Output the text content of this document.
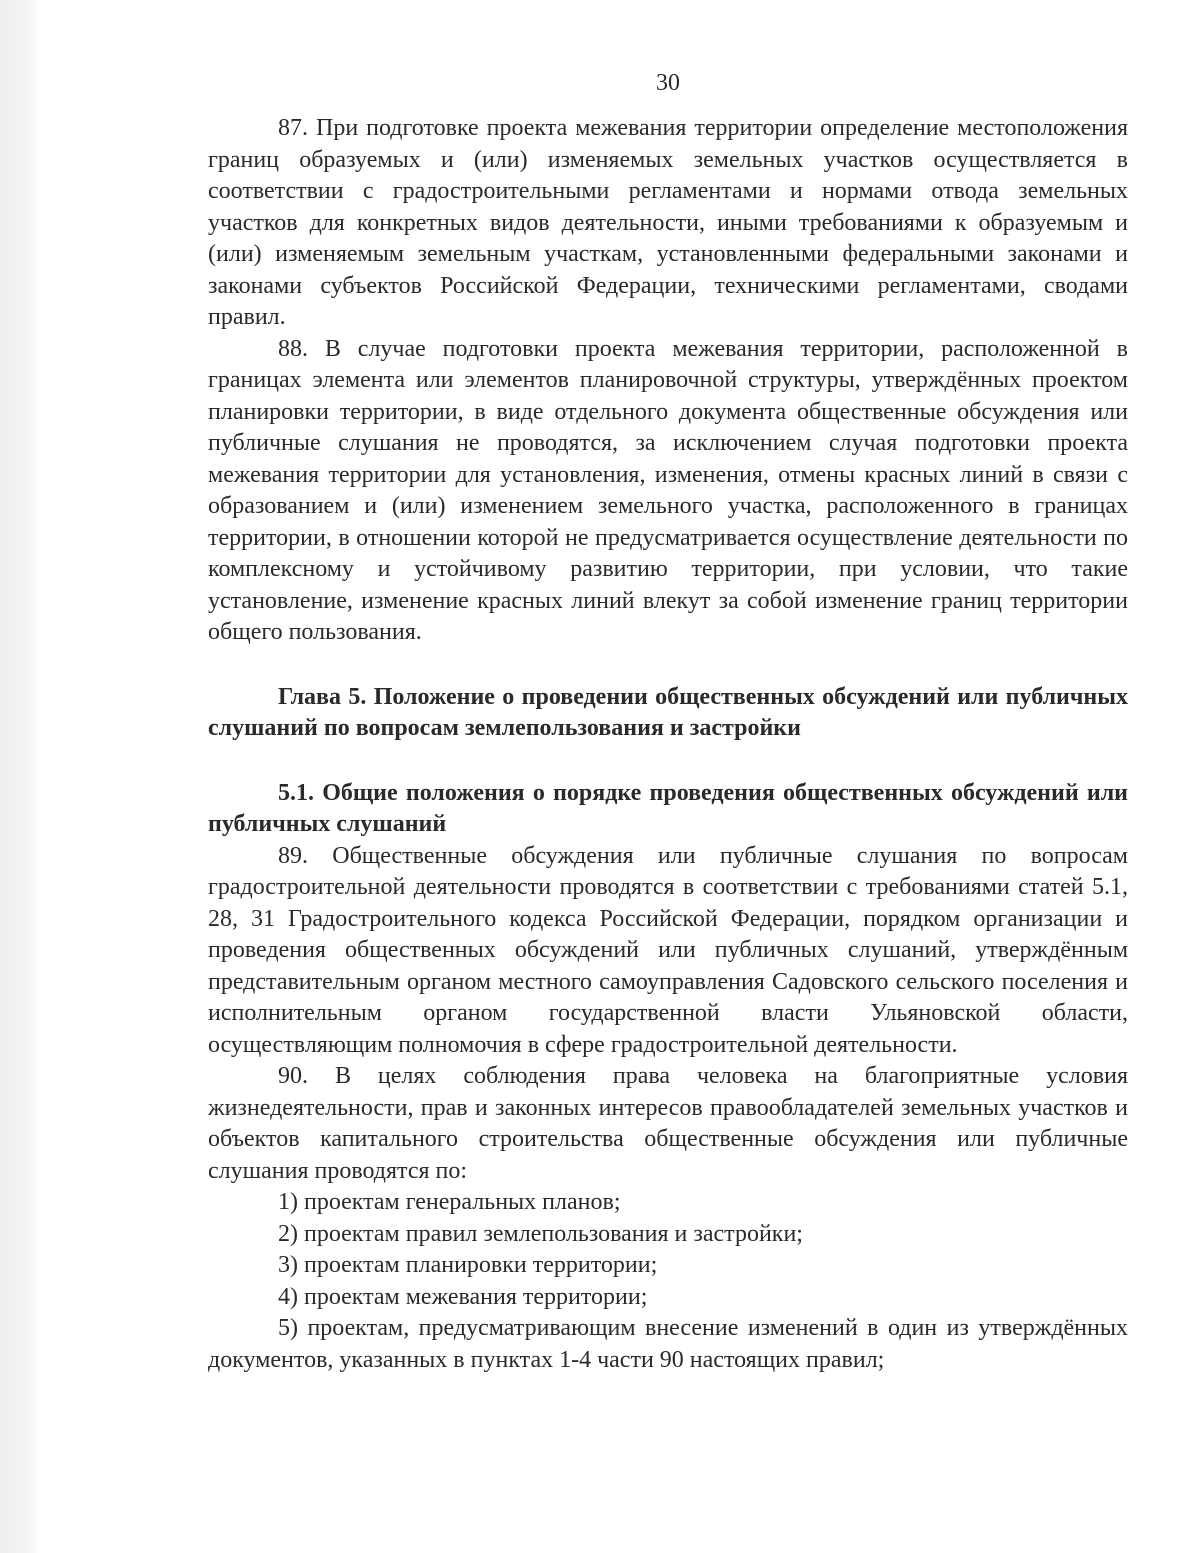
30

87. При подготовке проекта межевания территории определение местоположения границ образуемых и (или) изменяемых земельных участков осуществляется в соответствии с градостроительными регламентами и нормами отвода земельных участков для конкретных видов деятельности, иными требованиями к образуемым и (или) изменяемым земельным участкам, установленными федеральными законами и законами субъектов Российской Федерации, техническими регламентами, сводами правил.

88. В случае подготовки проекта межевания территории, расположенной в границах элемента или элементов планировочной структуры, утверждённых проектом планировки территории, в виде отдельного документа общественные обсуждения или публичные слушания не проводятся, за исключением случая подготовки проекта межевания территории для установления, изменения, отмены красных линий в связи с образованием и (или) изменением земельного участка, расположенного в границах территории, в отношении которой не предусматривается осуществление деятельности по комплексному и устойчивому развитию территории, при условии, что такие установление, изменение красных линий влекут за собой изменение границ территории общего пользования.

Глава 5. Положение о проведении общественных обсуждений или публичных слушаний по вопросам землепользования и застройки

5.1. Общие положения о порядке проведения общественных обсуждений или публичных слушаний

89. Общественные обсуждения или публичные слушания по вопросам градостроительной деятельности проводятся в соответствии с требованиями статей 5.1, 28, 31 Градостроительного кодекса Российской Федерации, порядком организации и проведения общественных обсуждений или публичных слушаний, утверждённым представительным органом местного самоуправления Садовского сельского поселения и исполнительным органом государственной власти Ульяновской области, осуществляющим полномочия в сфере градостроительной деятельности.

90. В целях соблюдения права человека на благоприятные условия жизнедеятельности, прав и законных интересов правообладателей земельных участков и объектов капитального строительства общественные обсуждения или публичные слушания проводятся по:

1) проектам генеральных планов;

2) проектам правил землепользования и застройки;

3) проектам планировки территории;

4) проектам межевания территории;

5) проектам, предусматривающим внесение изменений в один из утверждённых документов, указанных в пунктах 1-4 части 90 настоящих правил;
